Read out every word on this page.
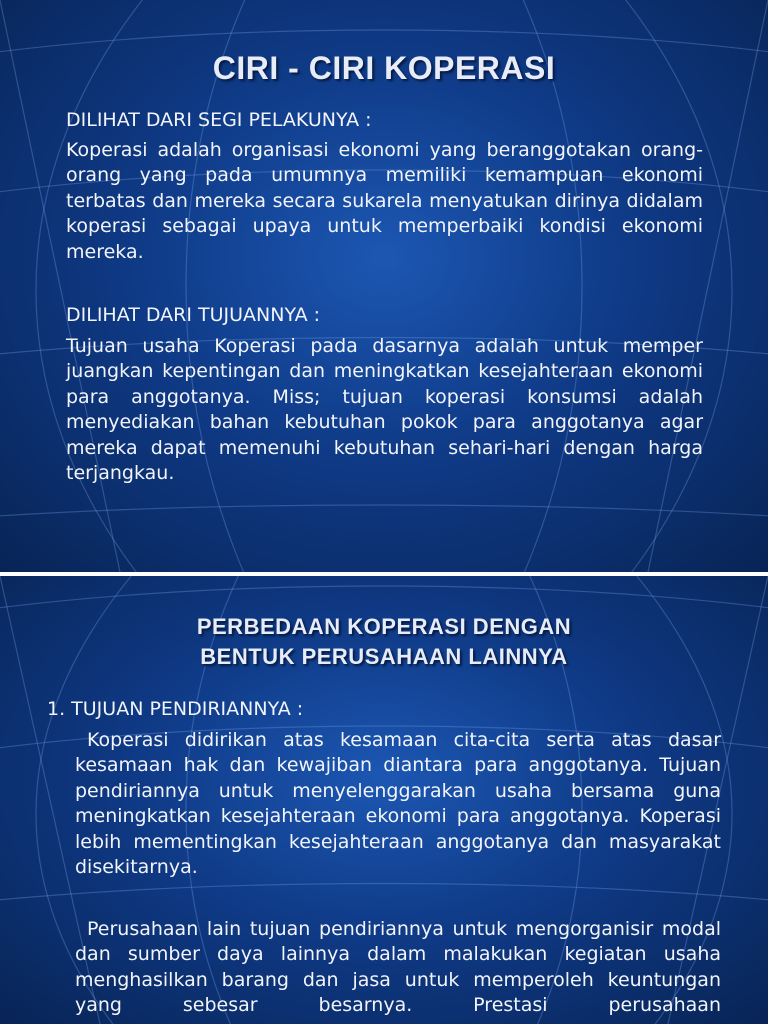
CIRI - CIRI KOPERASI
DILIHAT DARI SEGI PELAKUNYA :
Koperasi adalah organisasi ekonomi yang beranggotakan orang-orang yang pada umumnya memiliki kemampuan ekonomi terbatas dan mereka secara sukarela menyatukan dirinya didalam koperasi sebagai upaya untuk memperbaiki kondisi ekonomi mereka.
DILIHAT DARI TUJUANNYA :
Tujuan usaha Koperasi pada dasarnya adalah untuk memper juangkan kepentingan dan meningkatkan kesejahteraan ekonomi para anggotanya. Miss; tujuan koperasi konsumsi adalah menyediakan bahan kebutuhan pokok para anggotanya agar mereka dapat memenuhi kebutuhan sehari-hari dengan harga terjangkau.
PERBEDAAN KOPERASI DENGAN
BENTUK PERUSAHAAN LAINNYA
1. TUJUAN PENDIRIANNYA :
Koperasi didirikan atas kesamaan cita-cita serta atas dasar kesamaan hak dan kewajiban diantara para anggotanya. Tujuan pendiriannya untuk menyelenggarakan usaha bersama guna meningkatkan kesejahteraan ekonomi para anggotanya. Koperasi lebih mementingkan kesejahteraan anggotanya dan masyarakat disekitarnya.
Perusahaan lain tujuan pendiriannya untuk mengorganisir modal dan sumber daya lainnya dalam malakukan kegiatan usaha menghasilkan barang dan jasa untuk memperoleh keuntungan yang sebesar besarnya. Prestasi perusahaan
